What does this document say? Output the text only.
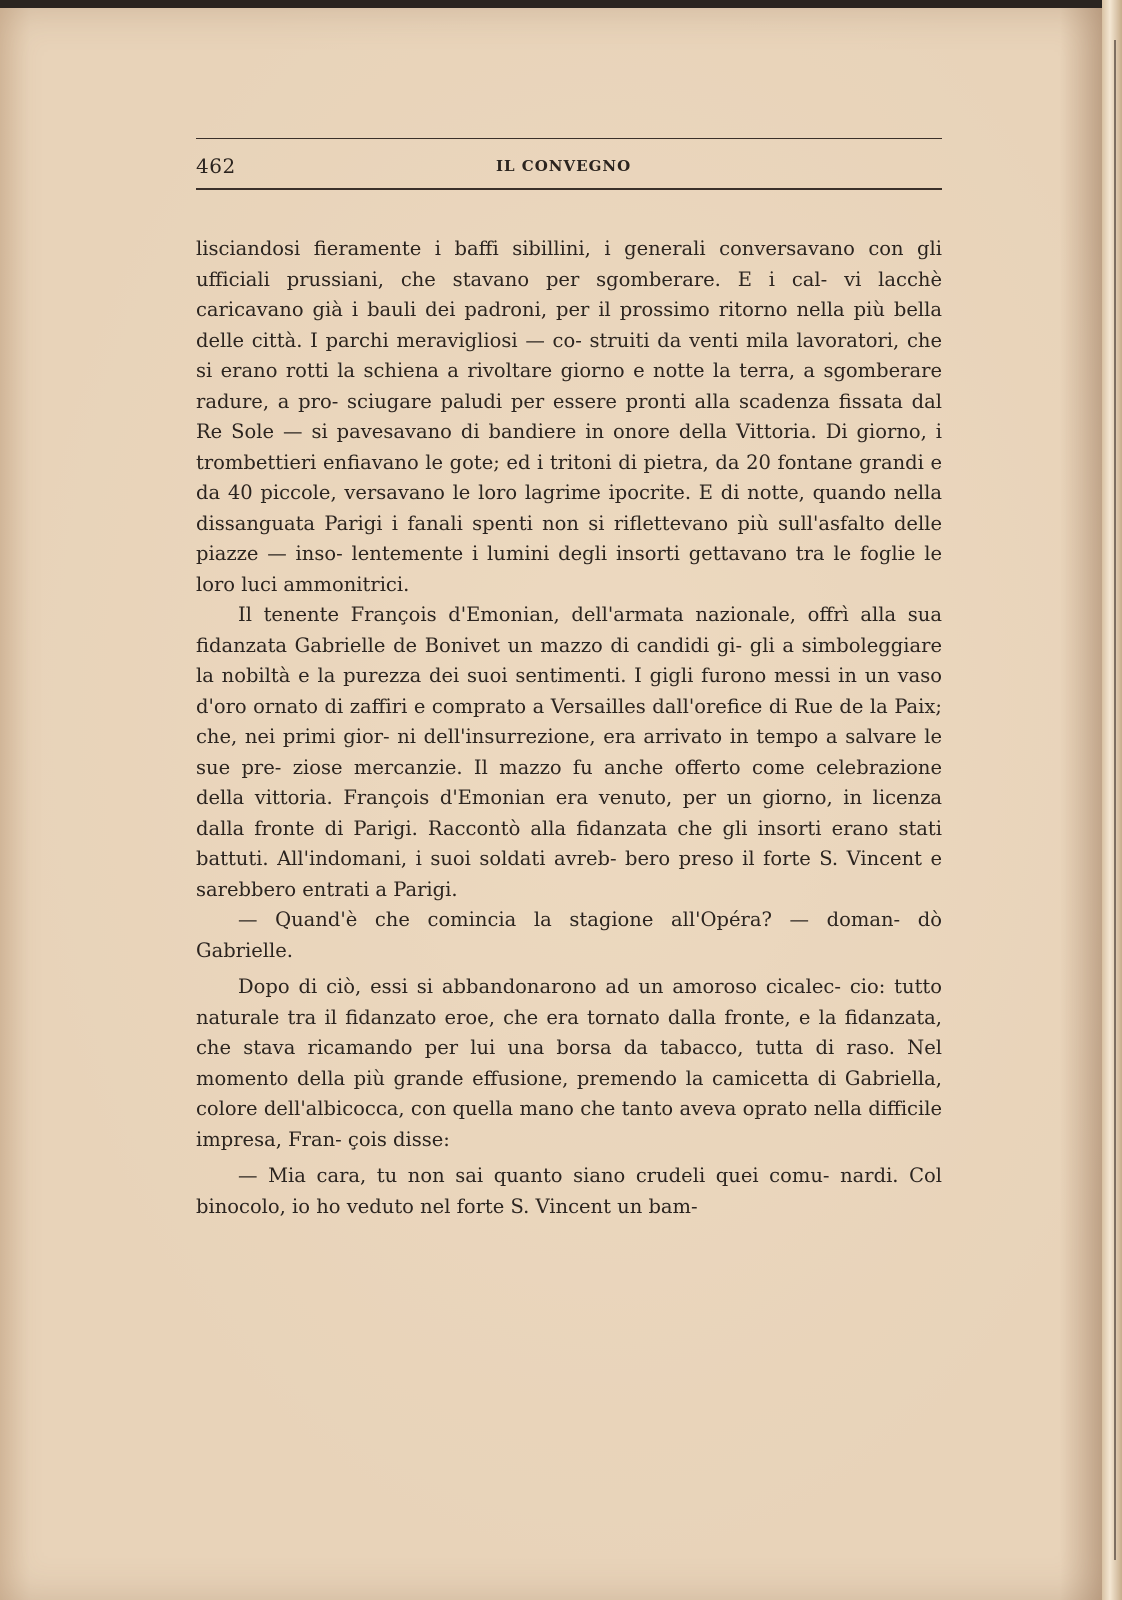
462	IL CONVEGNO

lisciandosi fieramente i baffi sibillini, i generali conversavano con gli ufficiali prussiani, che stavano per sgomberare. E i cal- vi lacchè caricavano già i bauli dei padroni, per il prossimo ritorno nella più bella delle città. I parchi meravigliosi — co- struiti da venti mila lavoratori, che si erano rotti la schiena a rivoltare giorno e notte la terra, a sgomberare radure, a pro- sciugare paludi per essere pronti alla scadenza fissata dal Re Sole — si pavesavano di bandiere in onore della Vittoria. Di giorno, i trombettieri enfiavano le gote; ed i tritoni di pietra, da 20 fontane grandi e da 40 piccole, versavano le loro lagrime ipocrite. E di notte, quando nella dissanguata Parigi i fanali spenti non si riflettevano più sull'asfalto delle piazze — inso- lentemente i lumini degli insorti gettavano tra le foglie le loro luci ammonitrici.

Il tenente François d'Emonian, dell'armata nazionale, offrì alla sua fidanzata Gabrielle de Bonivet un mazzo di candidi gi- gli a simboleggiare la nobiltà e la purezza dei suoi sentimenti. I gigli furono messi in un vaso d'oro ornato di zaffiri e comprato a Versailles dall'orefice di Rue de la Paix; che, nei primi gior- ni dell'insurrezione, era arrivato in tempo a salvare le sue pre- ziose mercanzie. Il mazzo fu anche offerto come celebrazione della vittoria. François d'Emonian era venuto, per un giorno, in licenza dalla fronte di Parigi. Raccontò alla fidanzata che gli insorti erano stati battuti. All'indomani, i suoi soldati avreb- bero preso il forte S. Vincent e sarebbero entrati a Parigi.

— Quand'è che comincia la stagione all'Opéra? — doman- dò Gabrielle.

Dopo di ciò, essi si abbandonarono ad un amoroso cicalec- cio: tutto naturale tra il fidanzato eroe, che era tornato dalla fronte, e la fidanzata, che stava ricamando per lui una borsa da tabacco, tutta di raso. Nel momento della più grande effusione, premendo la camicetta di Gabriella, colore dell'albicocca, con quella mano che tanto aveva oprato nella difficile impresa, Fran- çois disse:

— Mia cara, tu non sai quanto siano crudeli quei comu- nardi. Col binocolo, io ho veduto nel forte S. Vincent un bam-
